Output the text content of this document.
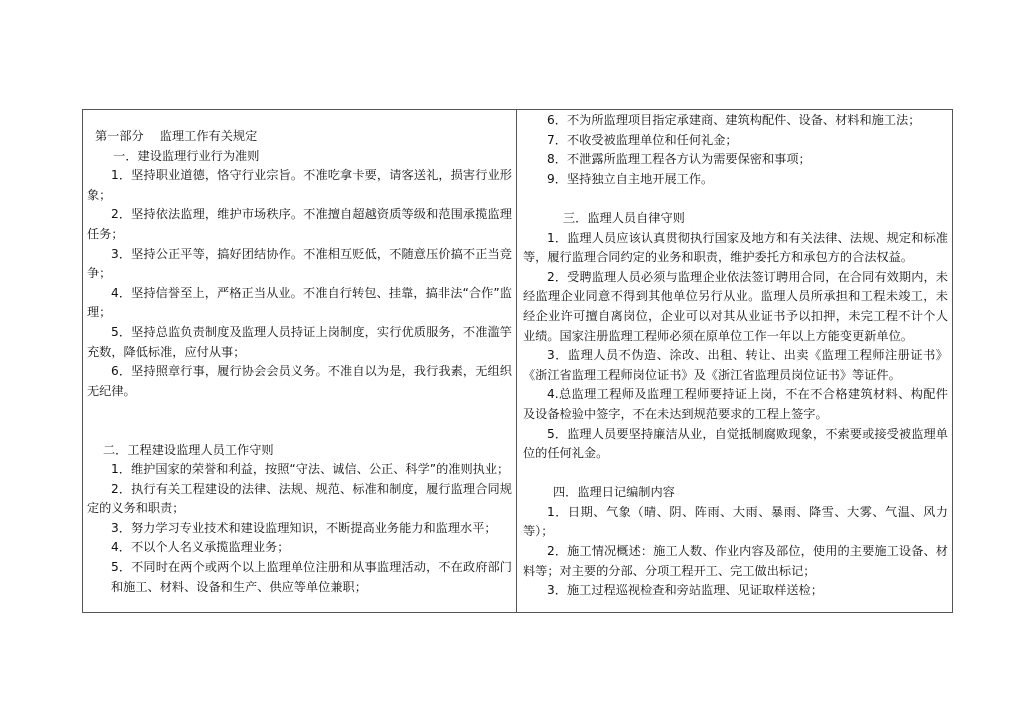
第一部分　 监理工作有关规定

　一．建设监理行业行为准则

1．坚持职业道德，恪守行业宗旨。不准吃拿卡要，请客送礼，损害行业形象；

2．坚持依法监理，维护市场秩序。不准擅自超越资质等级和范围承揽监理任务；

3．坚持公正平等，搞好团结协作。不准相互贬低，不随意压价搞不正当竞争；

4．坚持信誉至上，严格正当从业。不准自行转包、挂靠，搞非法“合作”监理；

5．坚持总监负责制度及监理人员持证上岗制度，实行优质服务，不准滥竽充数，降低标准，应付从事；

6．坚持照章行事，履行协会会员义务。不准自以为是，我行我素，无组织无纪律。

二．工程建设监理人员工作守则

1．维护国家的荣誉和利益，按照“守法、诚信、公正、科学”的准则执业；

2．执行有关工程建设的法律、法规、规范、标准和制度，履行监理合同规定的义务和职责；

3．努力学习专业技术和建设监理知识，不断提高业务能力和监理水平；

4．不以个人名义承揽监理业务；

5．不同时在两个或两个以上监理单位注册和从事监理活动，不在政府部门和施工、材料、设备和生产、供应等单位兼职；

6．不为所监理项目指定承建商、建筑构配件、设备、材料和施工法；

7．不收受被监理单位和任何礼金；

8．不泄露所监理工程各方认为需要保密和事项；

9．坚持独立自主地开展工作。

三．监理人员自律守则

1．监理人员应该认真贯彻执行国家及地方和有关法律、法规、规定和标准等，履行监理合同约定的业务和职责，维护委托方和承包方的合法权益。

2．受聘监理人员必须与监理企业依法签订聘用合同，在合同有效期内，未经监理企业同意不得到其他单位另行从业。监理人员所承担和工程未竣工，未经企业许可擅自离岗位，企业可以对其从业证书予以扣押，未完工程不计个人业绩。国家注册监理工程师必须在原单位工作一年以上方能变更新单位。

3．监理人员不伪造、涂改、出租、转让、出卖《监理工程师注册证书》《浙江省监理工程师岗位证书》及《浙江省监理员岗位证书》等证件。

4.总监理工程师及监理工程师要持证上岗，不在不合格建筑材料、构配件及设备检验中签字，不在未达到规范要求的工程上签字。

5．监理人员要坚持廉洁从业，自觉抵制腐败现象，不索要或接受被监理单位的任何礼金。

四．监理日记编制内容

1．日期、气象（晴、阴、阵雨、大雨、暴雨、降雪、大雾、气温、风力等）；

2．施工情况概述：施工人数、作业内容及部位，使用的主要施工设备、材料等；对主要的分部、分项工程开工、完工做出标记；

3．施工过程巡视检查和旁站监理、见证取样送检；
